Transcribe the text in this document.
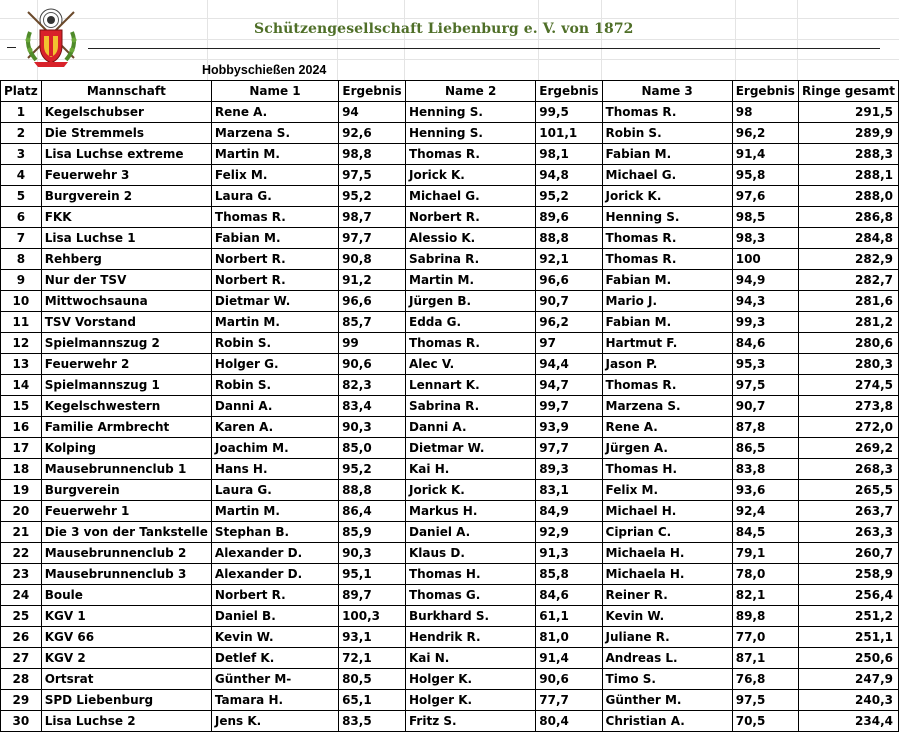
Schützengesellschaft Liebenburg e. V. von 1872
Hobbyschießen 2024
Platz	Mannschaft	Name 1	Ergebnis	Name 2	Ergebnis	Name 3	Ergebnis	Ringe gesamt
1	Kegelschubser	Rene A.	94	Henning S.	99,5	Thomas R.	98	291,5
2	Die Stremmels	Marzena S.	92,6	Henning S.	101,1	Robin S.	96,2	289,9
3	Lisa Luchse extreme	Martin M.	98,8	Thomas R.	98,1	Fabian M.	91,4	288,3
4	Feuerwehr 3	Felix M.	97,5	Jorick K.	94,8	Michael G.	95,8	288,1
5	Burgverein 2	Laura G.	95,2	Michael G.	95,2	Jorick K.	97,6	288,0
6	FKK	Thomas R.	98,7	Norbert R.	89,6	Henning S.	98,5	286,8
7	Lisa Luchse 1	Fabian M.	97,7	Alessio K.	88,8	Thomas R.	98,3	284,8
8	Rehberg	Norbert R.	90,8	Sabrina R.	92,1	Thomas R.	100	282,9
9	Nur der TSV	Norbert R.	91,2	Martin M.	96,6	Fabian M.	94,9	282,7
10	Mittwochsauna	Dietmar W.	96,6	Jürgen B.	90,7	Mario J.	94,3	281,6
11	TSV Vorstand	Martin M.	85,7	Edda G.	96,2	Fabian M.	99,3	281,2
12	Spielmannszug 2	Robin S.	99	Thomas R.	97	Hartmut F.	84,6	280,6
13	Feuerwehr 2	Holger G.	90,6	Alec V.	94,4	Jason P.	95,3	280,3
14	Spielmannszug 1	Robin S.	82,3	Lennart K.	94,7	Thomas R.	97,5	274,5
15	Kegelschwestern	Danni A.	83,4	Sabrina R.	99,7	Marzena S.	90,7	273,8
16	Familie Armbrecht	Karen A.	90,3	Danni A.	93,9	Rene A.	87,8	272,0
17	Kolping	Joachim M.	85,0	Dietmar W.	97,7	Jürgen A.	86,5	269,2
18	Mausebrunnenclub 1	Hans H.	95,2	Kai H.	89,3	Thomas H.	83,8	268,3
19	Burgverein	Laura G.	88,8	Jorick K.	83,1	Felix M.	93,6	265,5
20	Feuerwehr 1	Martin M.	86,4	Markus H.	84,9	Michael H.	92,4	263,7
21	Die 3 von der Tankstelle	Stephan B.	85,9	Daniel A.	92,9	Ciprian C.	84,5	263,3
22	Mausebrunnenclub 2	Alexander D.	90,3	Klaus D.	91,3	Michaela H.	79,1	260,7
23	Mausebrunnenclub 3	Alexander D.	95,1	Thomas H.	85,8	Michaela H.	78,0	258,9
24	Boule	Norbert R.	89,7	Thomas G.	84,6	Reiner R.	82,1	256,4
25	KGV 1	Daniel B.	100,3	Burkhard S.	61,1	Kevin W.	89,8	251,2
26	KGV 66	Kevin W.	93,1	Hendrik R.	81,0	Juliane R.	77,0	251,1
27	KGV 2	Detlef K.	72,1	Kai N.	91,4	Andreas L.	87,1	250,6
28	Ortsrat	Günther M-	80,5	Holger K.	90,6	Timo S.	76,8	247,9
29	SPD Liebenburg	Tamara H.	65,1	Holger K.	77,7	Günther M.	97,5	240,3
30	Lisa Luchse 2	Jens K.	83,5	Fritz S.	80,4	Christian A.	70,5	234,4
